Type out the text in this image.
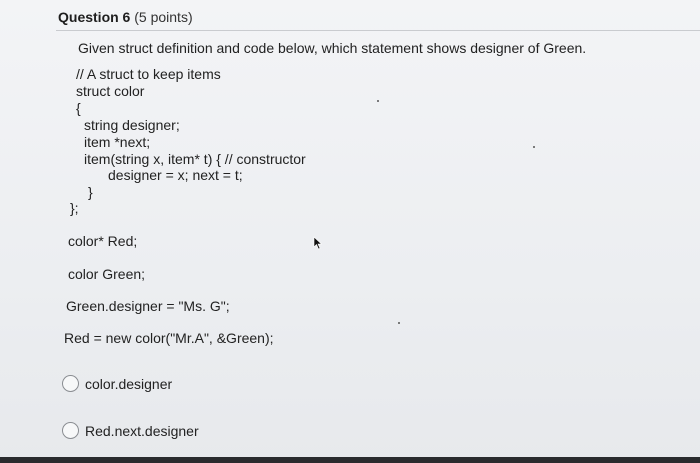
Question 6 (5 points)
Given struct definition and code below, which statement shows designer of Green.
// A struct to keep items
struct color
{
string designer;
item *next;
item(string x, item* t) { // constructor
designer = x; next = t;
}
};
color* Red;
color Green;
Green.designer = "Ms. G";
Red = new color("Mr.A", &Green);
color.designer
Red.next.designer
